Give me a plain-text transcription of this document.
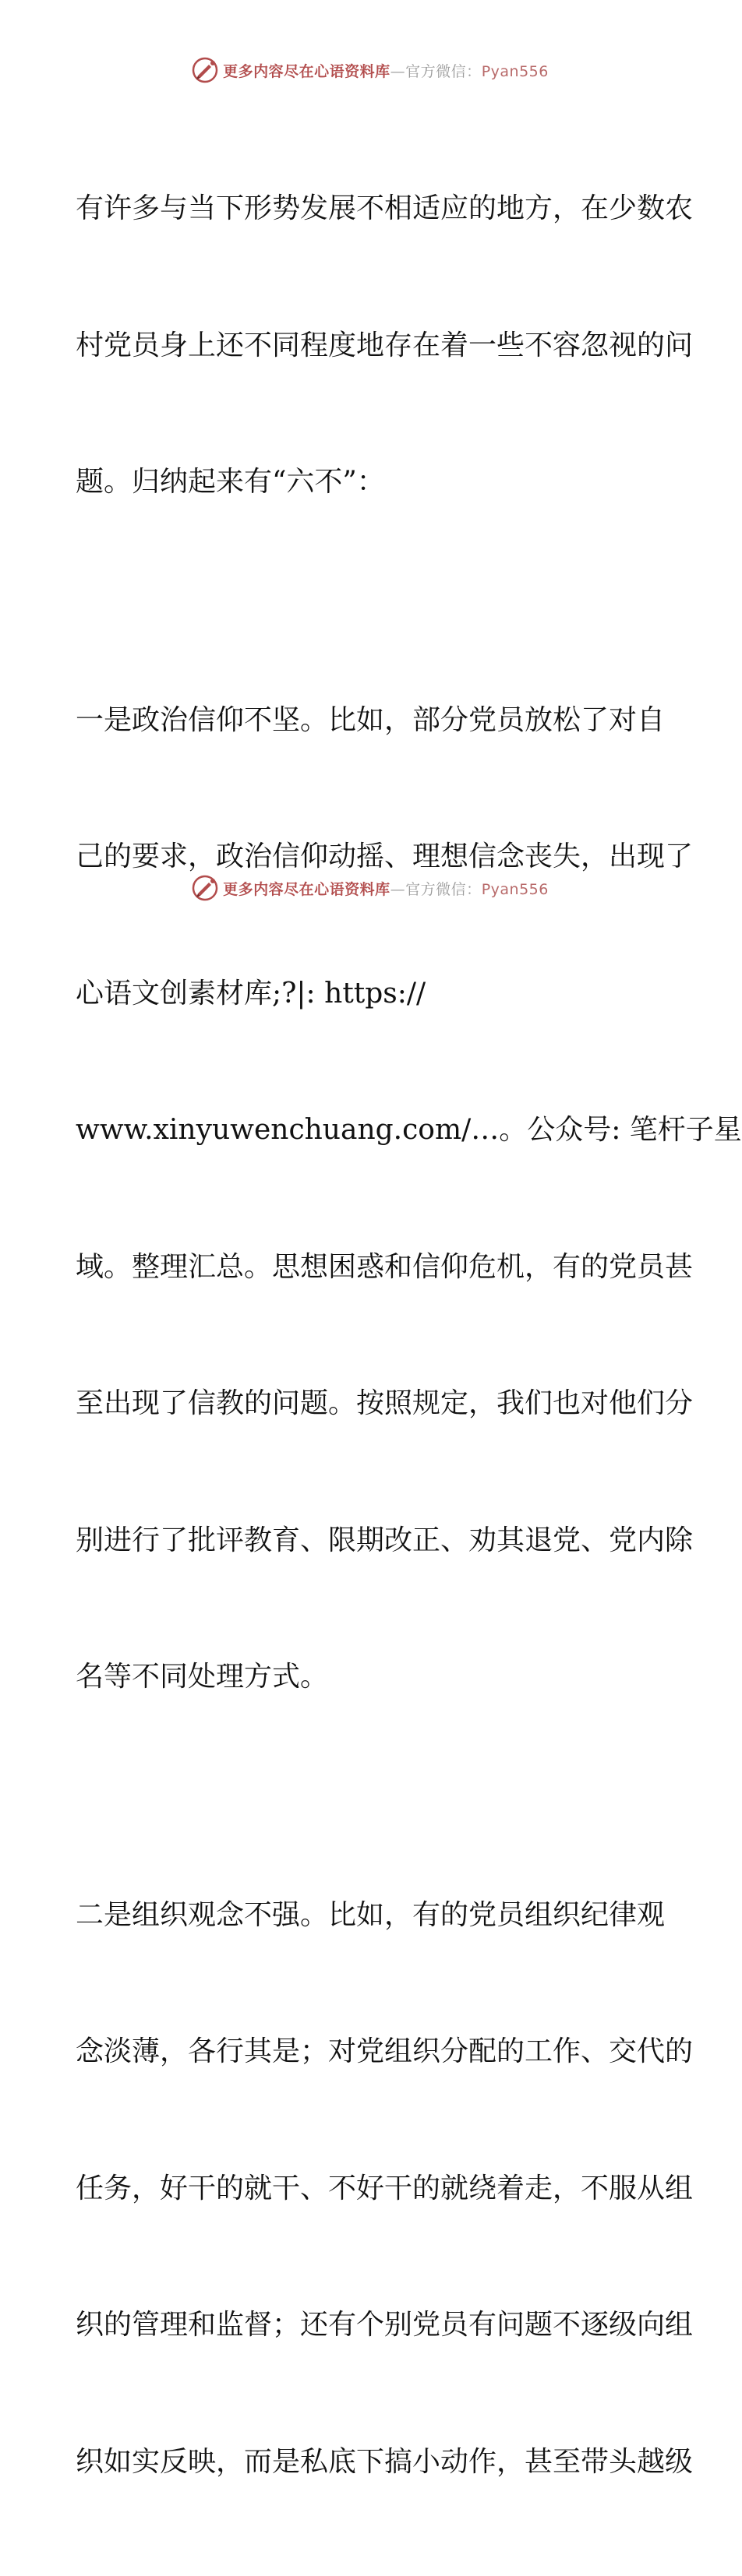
更多内容尽在心语资料库—官方微信：Pyan556

有许多与当下形势发展不相适应的地方，在少数农

村党员身上还不同程度地存在着一些不容忽视的问

题。归纳起来有“六不”：

一是政治信仰不坚。比如，部分党员放松了对自

己的要求，政治信仰动摇、理想信念丧失，出现了

心语文创素材库;?|: https://

www.xinyuwenchuang.com/…。公众号: 笔杆子星

域。整理汇总。思想困惑和信仰危机，有的党员甚

至出现了信教的问题。按照规定，我们也对他们分

别进行了批评教育、限期改正、劝其退党、党内除

名等不同处理方式。

二是组织观念不强。比如，有的党员组织纪律观

念淡薄，各行其是；对党组织分配的工作、交代的

任务，好干的就干、不好干的就绕着走，不服从组

织的管理和监督；还有个别党员有问题不逐级向组

织如实反映，而是私底下搞小动作，甚至带头越级

更多内容尽在心语资料库—官方微信：Pyan556
